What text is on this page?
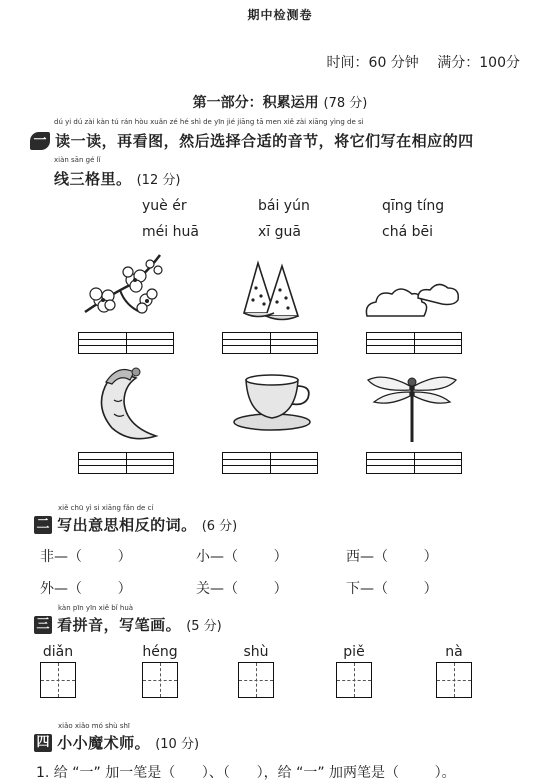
期中检测卷
时间：60 分钟 满分：100分
第一部分：积累运用 (78 分)
dú yi dú zài kàn tú rán hòu xuǎn zé hé shì de yīn jié jiāng tā men xiě zài xiāng yìng de sì
一 读一读，再看图，然后选择合适的音节，将它们写在相应的四
xiàn sān gé lǐ
线三格里。 (12 分)
yuè ér	bái yún	qīng tíng
méi huā	xī guā	chá bēi
xiě chū yì si xiāng fǎn de cí
二 写出意思相反的词。 (6 分)
非—（        ）	小—（        ）	西—（        ）
外—（        ）	关—（        ）	下—（        ）
kàn pīn yīn xiě bǐ huà
三 看拼音，写笔画。 (5 分)
diǎn	héng	shù	piě	nà
xiǎo xiǎo mó shù shī
四 小小魔术师。 (10 分)
1. 给 “一” 加一笔是（      ）、（      ），给 “一” 加两笔是（        ）。
